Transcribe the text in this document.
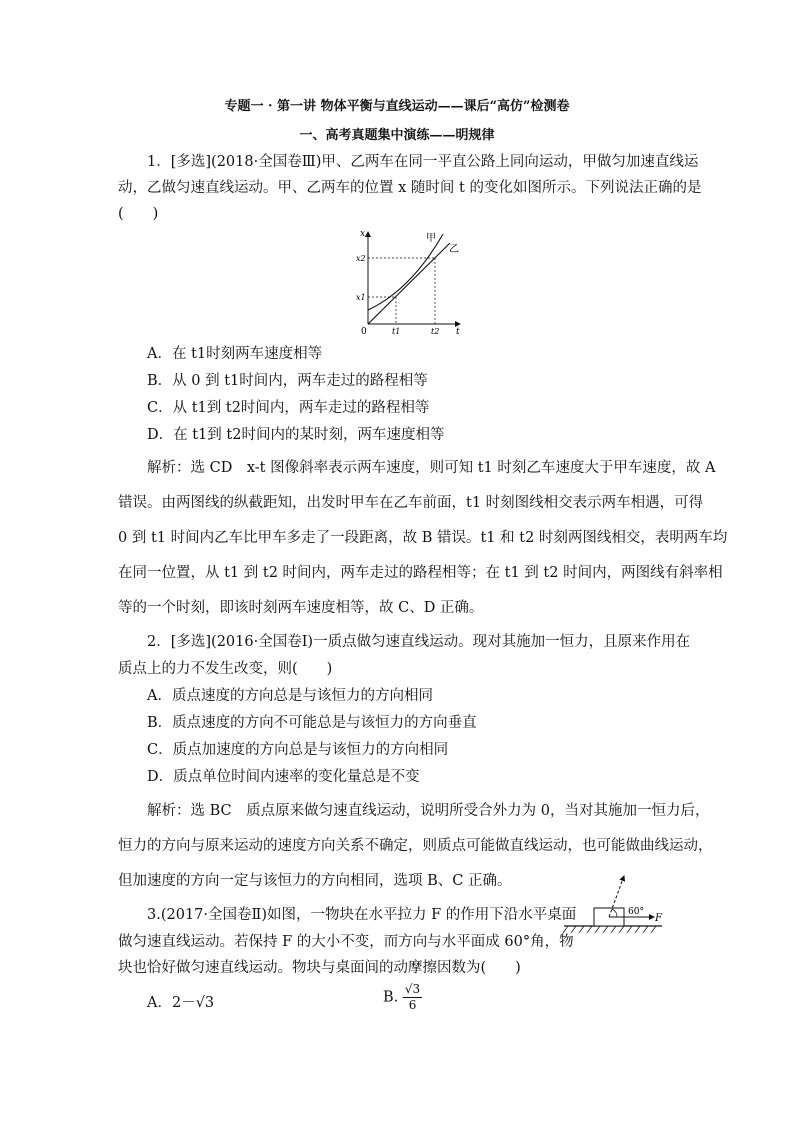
专题一 · 第一讲 物体平衡与直线运动——课后“高仿”检测卷
一、高考真题集中演练——明规律
1．[多选](2018·全国卷Ⅲ)甲、乙两车在同一平直公路上同向运动，甲做匀加速直线运
动，乙做匀速直线运动。甲、乙两车的位置 x 随时间 t 的变化如图所示。下列说法正确的是
(　　)
x
t
0
x1
x2
t1	t2
甲
乙
A．在 t1时刻两车速度相等
B．从 0 到 t1时间内，两车走过的路程相等
C．从 t1到 t2时间内，两车走过的路程相等
D．在 t1到 t2时间内的某时刻，两车速度相等
解析：选 CD　x-t 图像斜率表示两车速度，则可知 t1 时刻乙车速度大于甲车速度，故 A
错误。由两图线的纵截距知，出发时甲车在乙车前面，t1 时刻图线相交表示两车相遇，可得
0 到 t1 时间内乙车比甲车多走了一段距离，故 B 错误。t1 和 t2 时刻两图线相交，表明两车均
在同一位置，从 t1 到 t2 时间内，两车走过的路程相等；在 t1 到 t2 时间内，两图线有斜率相
等的一个时刻，即该时刻两车速度相等，故 C、D 正确。
2．[多选](2016·全国卷Ⅰ)一质点做匀速直线运动。现对其施加一恒力，且原来作用在
质点上的力不发生改变，则(　　)
A．质点速度的方向总是与该恒力的方向相同
B．质点速度的方向不可能总是与该恒力的方向垂直
C．质点加速度的方向总是与该恒力的方向相同
D．质点单位时间内速率的变化量总是不变
解析：选 BC　质点原来做匀速直线运动，说明所受合外力为 0，当对其施加一恒力后，
恒力的方向与原来运动的速度方向关系不确定，则质点可能做直线运动，也可能做曲线运动，
但加速度的方向一定与该恒力的方向相同，选项 B、C 正确。
3.(2017·全国卷Ⅱ)如图，一物块在水平拉力 F 的作用下沿水平桌面
做匀速直线运动。若保持 F 的大小不变，而方向与水平面成 60°角，物
块也恰好做匀速直线运动。物块与桌面间的动摩擦因数为(　　)
60°
F
A．2－√3	B. $\frac{√3}{6}$
